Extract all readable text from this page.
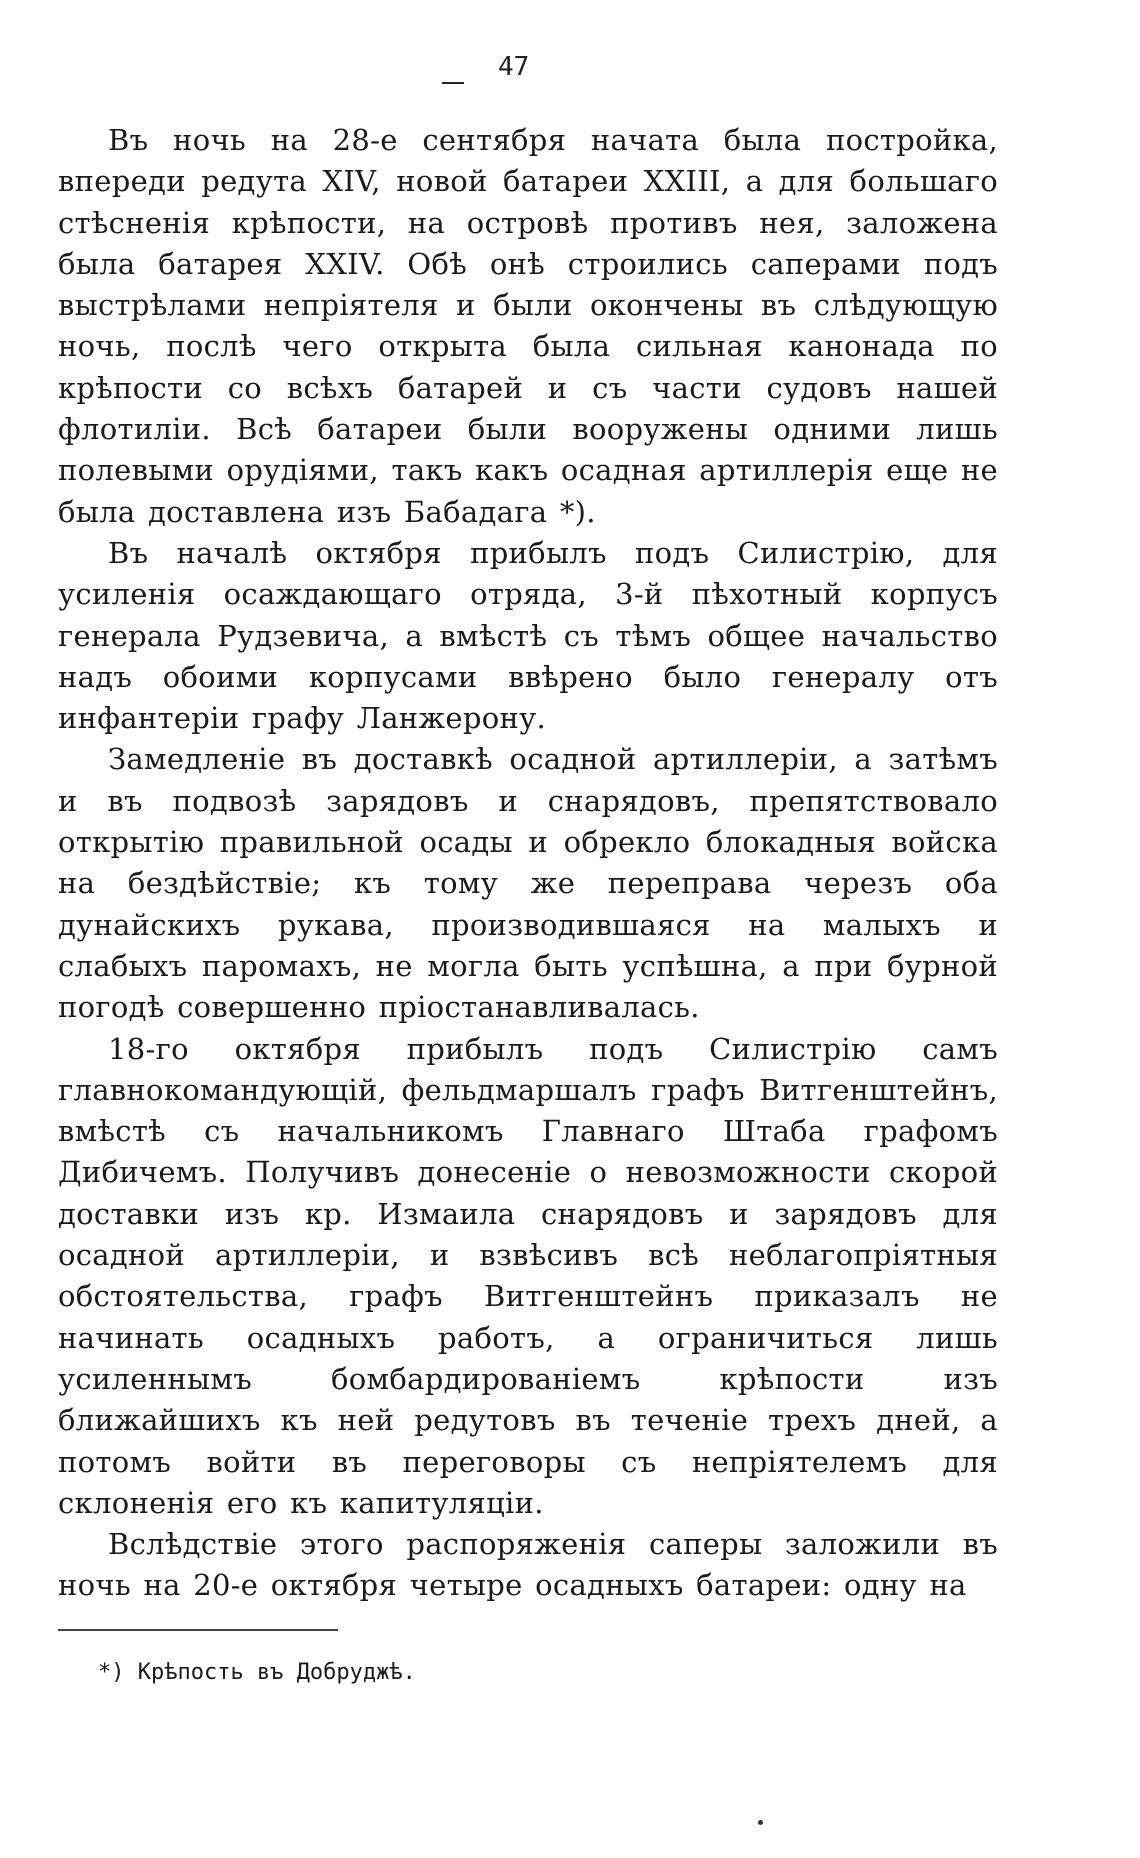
47

Въ ночь на 28-е сентября начата была постройка, впереди редута XIV, новой батареи XXIII, а для большаго стѣсненія крѣпости, на островѣ противъ нея, заложена была батарея XXIV. Обѣ онѣ строились саперами подъ выстрѣлами непріятеля и были окончены въ слѣдующую ночь, послѣ чего открыта была сильная канонада по крѣпости со всѣхъ батарей и съ части судовъ нашей флотиліи. Всѣ батареи были вооружены одними лишь полевыми орудіями, такъ какъ осадная артиллерія еще не была доставлена изъ Бабадага *).

Въ началѣ октября прибылъ подъ Силистрію, для усиленія осаждающаго отряда, 3-й пѣхотный корпусъ генерала Рудзевича, а вмѣстѣ съ тѣмъ общее начальство надъ обоими корпусами ввѣрено было генералу отъ инфантеріи графу Ланжерону.

Замедленіе въ доставкѣ осадной артиллеріи, а затѣмъ и въ подвозѣ зарядовъ и снарядовъ, препятствовало открытію правильной осады и обрекло блокадныя войска на бездѣйствіе; къ тому же переправа черезъ оба дунайскихъ рукава, производившаяся на малыхъ и слабыхъ паромахъ, не могла быть успѣшна, а при бурной погодѣ совершенно пріостанавливалась.

18-го октября прибылъ подъ Силистрію самъ главнокомандующій, фельдмаршалъ графъ Витгенштейнъ, вмѣстѣ съ начальникомъ Главнаго Штаба графомъ Дибичемъ. Получивъ донесеніе о невозможности скорой доставки изъ кр. Измаила снарядовъ и зарядовъ для осадной артиллеріи, и взвѣсивъ всѣ неблагопріятныя обстоятельства, графъ Витгенштейнъ приказалъ не начинать осадныхъ работъ, а ограничиться лишь усиленнымъ бомбардированіемъ крѣпости изъ ближайшихъ къ ней редутовъ въ теченіе трехъ дней, а потомъ войти въ переговоры съ непріятелемъ для склоненія его къ капитуляціи.

Вслѣдствіе этого распоряженія саперы заложили въ ночь на 20-е октября четыре осадныхъ батареи: одну на

*) Крѣпость въ Добруджѣ.
